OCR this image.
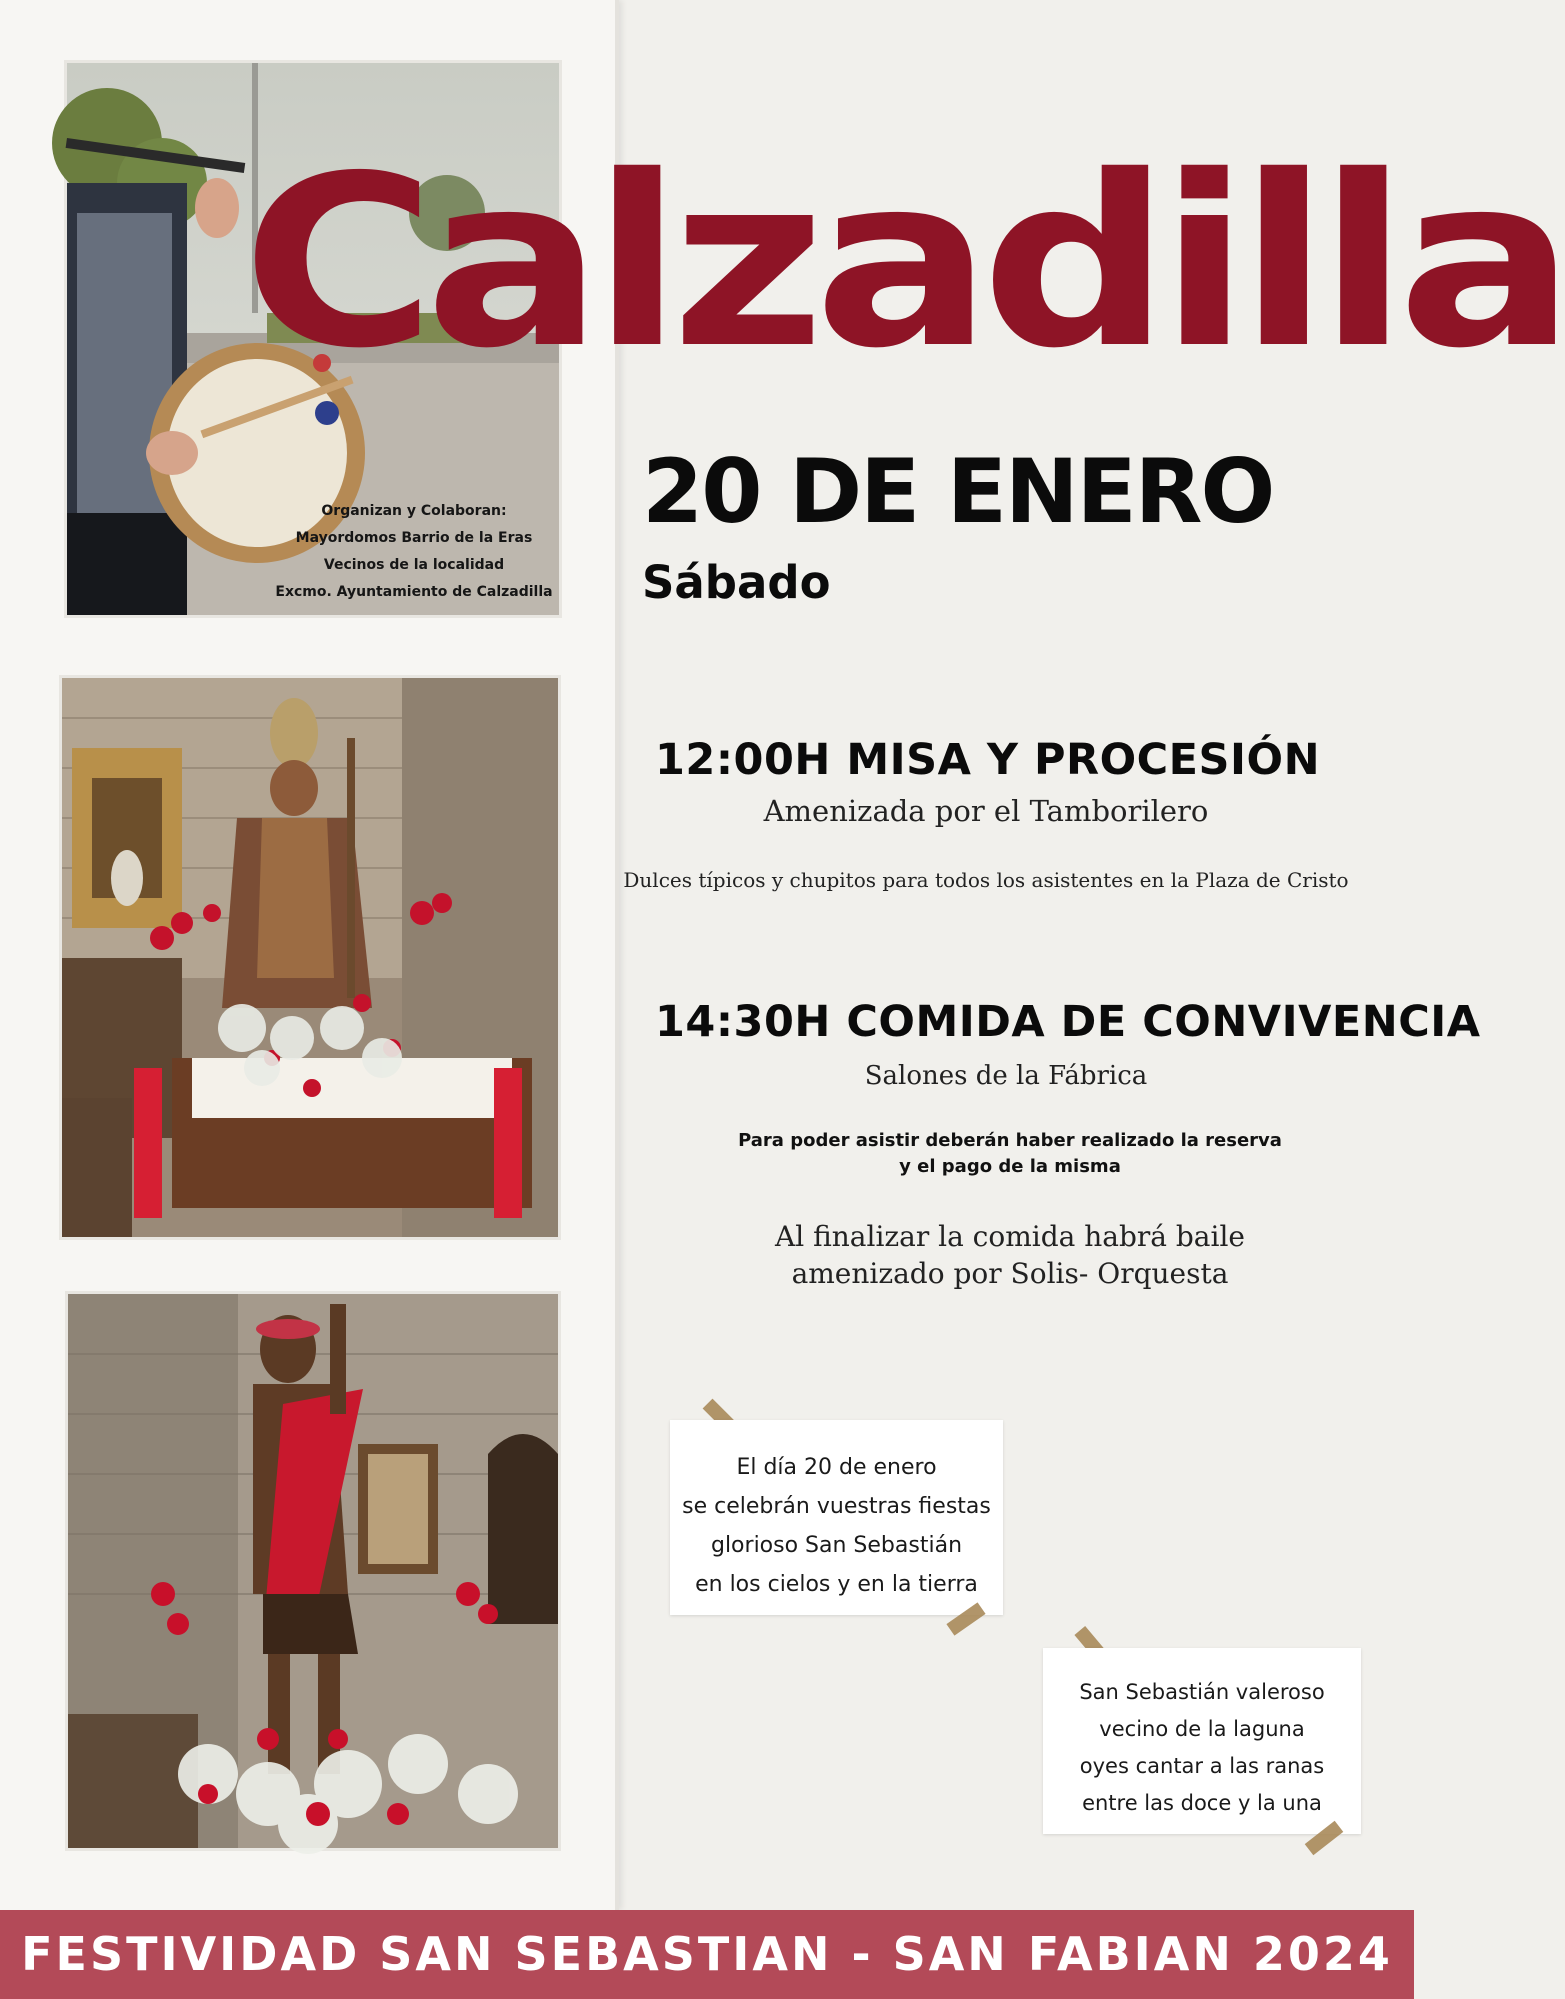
Organizan y Colaboran:
Mayordomos Barrio de la Eras
Vecinos de la localidad
Excmo. Ayuntamiento de Calzadilla
Calzadilla
20 DE ENERO
Sábado
12:00H MISA Y PROCESIÓN
Amenizada por el Tamborilero
Dulces típicos y chupitos para todos los asistentes en la Plaza de Cristo
14:30H COMIDA DE CONVIVENCIA
Salones de la Fábrica
Para poder asistir deberán haber realizado la reserva
y el pago de la misma
Al finalizar la comida habrá baile
amenizado por Solis- Orquesta
El día 20 de enero
se celebrán vuestras fiestas
glorioso San Sebastián
en los cielos y en la tierra
San Sebastián valeroso
vecino de la laguna
oyes cantar a las ranas
entre las doce y la una
FESTIVIDAD SAN SEBASTIAN - SAN FABIAN 2024
